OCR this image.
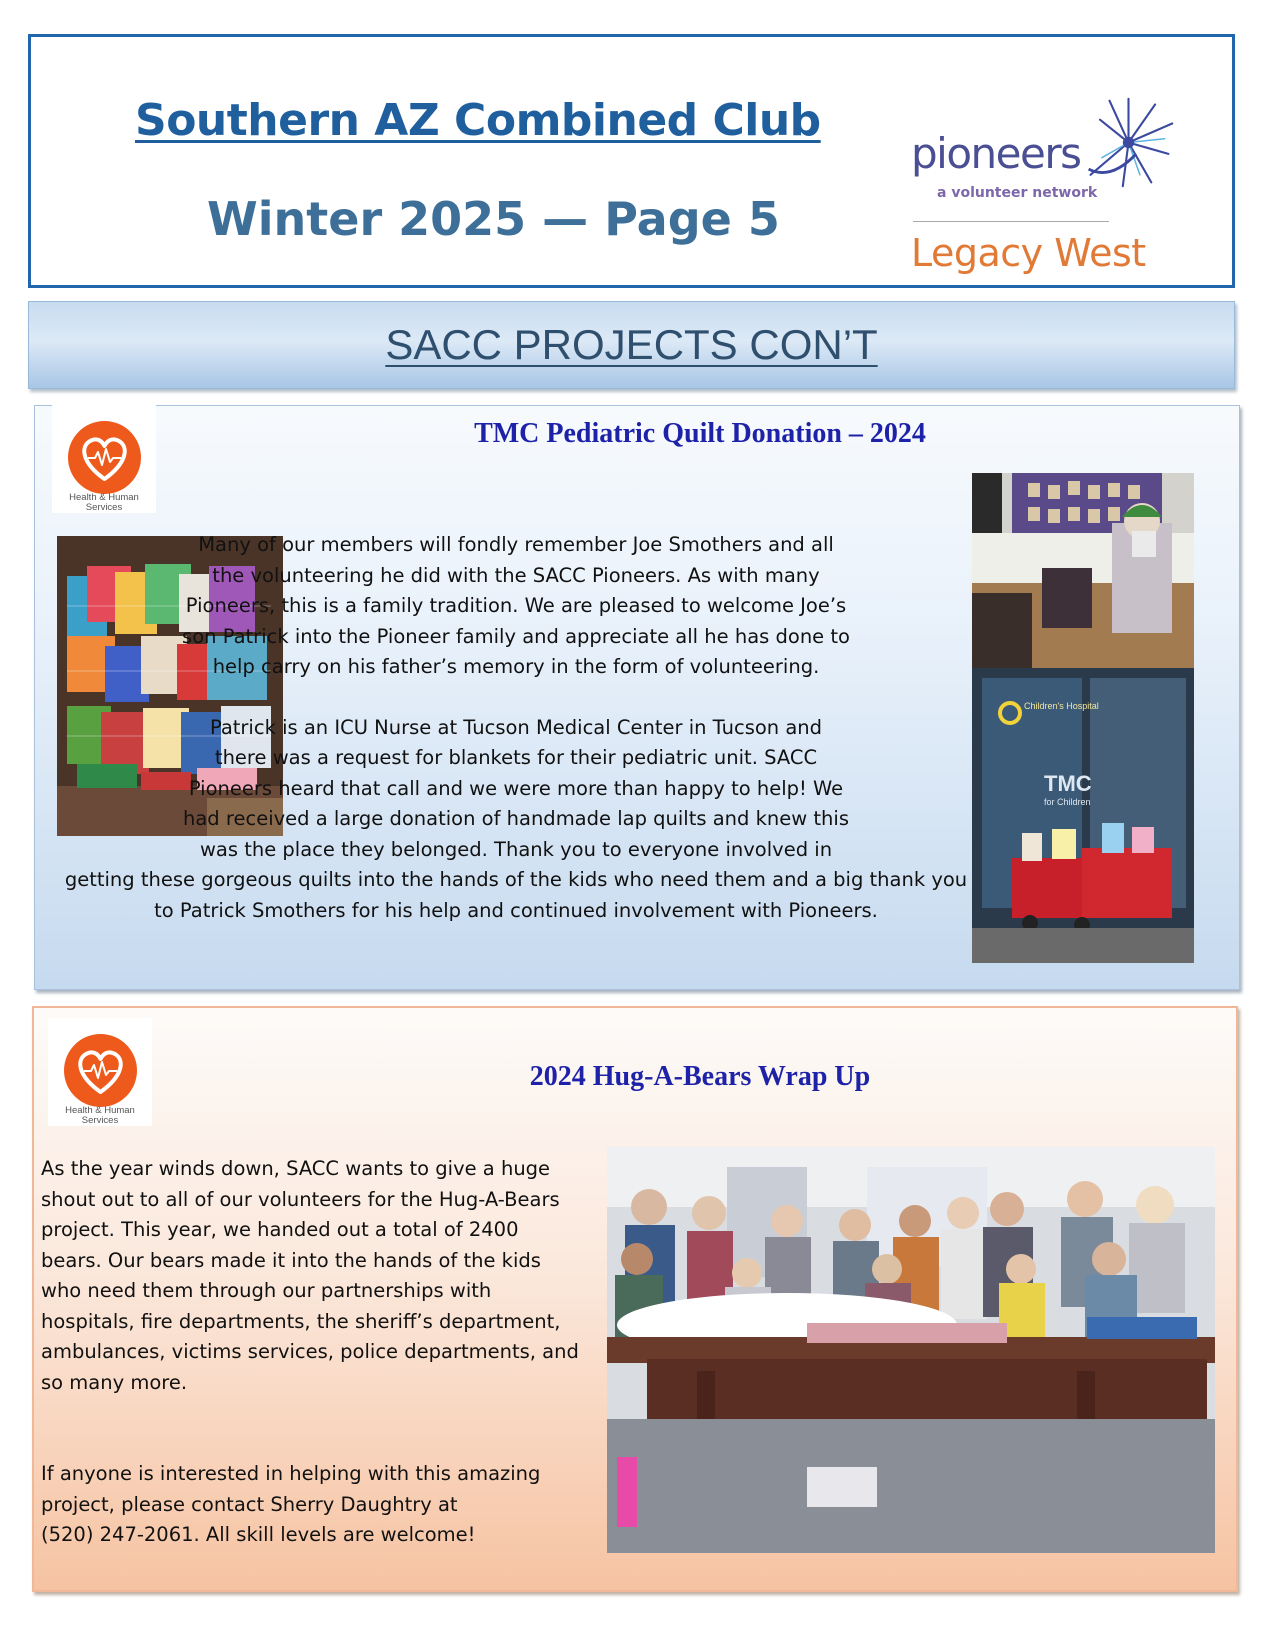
Southern AZ Combined Club
Winter 2025 — Page 5
pioneers
a volunteer network
Legacy West
SACC PROJECTS CON’T
Health & Human
Services
TMC Pediatric Quilt Donation – 2024
Children's Hospital
TMC
for Children

Many of our members will fondly remember Joe Smothers and all

the volunteering he did with the SACC Pioneers. As with many

Pioneers, this is a family tradition. We are pleased to welcome Joe’s

son Patrick into the Pioneer family and appreciate all he has done to

help carry on his father’s memory in the form of volunteering.

Patrick is an ICU Nurse at Tucson Medical Center in Tucson and

there was a request for blankets for their pediatric unit. SACC

Pioneers heard that call and we were more than happy to help! We

had received a large donation of handmade lap quilts and knew this

was the place they belonged. Thank you to everyone involved in

getting these gorgeous quilts into the hands of the kids who need them and a big thank you

to Patrick Smothers for his help and continued involvement with Pioneers.

Health & Human
Services
2024 Hug-A-Bears Wrap Up

As the year winds down, SACC wants to give a huge

shout out to all of our volunteers for the Hug-A-Bears

project. This year, we handed out a total of 2400

bears. Our bears made it into the hands of the kids

who need them through our partnerships with

hospitals, fire departments, the sheriff’s department,

ambulances, victims services, police departments, and

so many more.

If anyone is interested in helping with this amazing

project, please contact Sherry Daughtry at

(520) 247-2061. All skill levels are welcome!
